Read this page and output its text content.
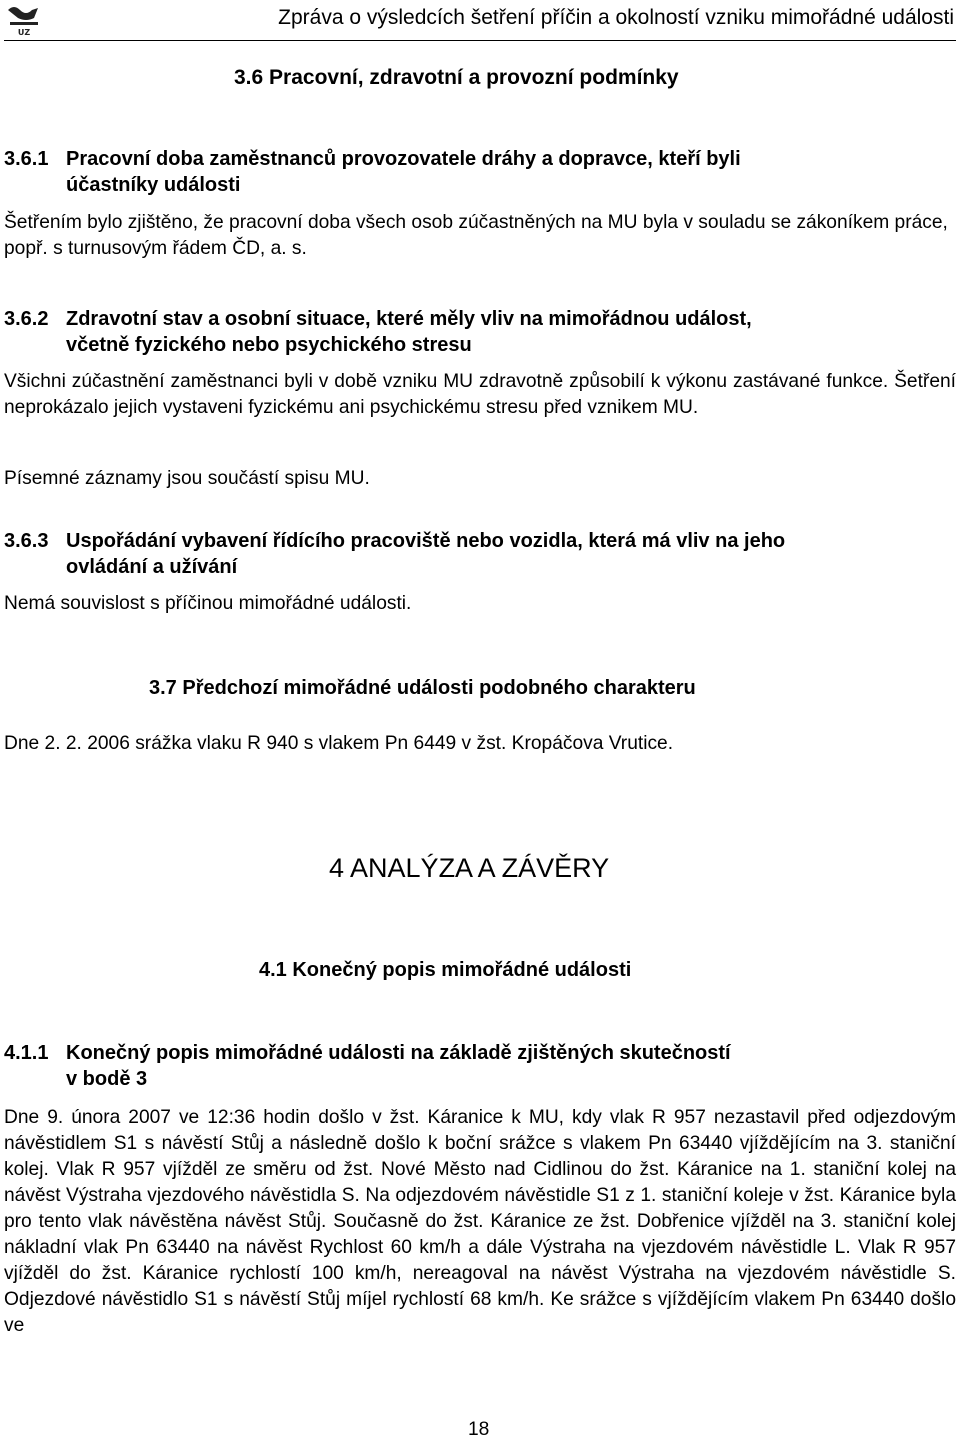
UZ
Zpráva o výsledcích šetření příčin a okolností vzniku mimořádné události
3.6 Pracovní, zdravotní a provozní podmínky
3.6.1 Pracovní doba zaměstnanců provozovatele dráhy a dopravce, kteří byli
účastníky události
Šetřením bylo zjištěno, že pracovní doba všech osob zúčastněných na MU byla v souladu se zákoníkem práce, popř. s turnusovým řádem ČD, a. s.
3.6.2 Zdravotní stav a osobní situace, které měly vliv na mimořádnou událost,
včetně fyzického nebo psychického stresu
Všichni zúčastnění zaměstnanci byli v době vzniku MU zdravotně způsobilí k výkonu zastávané funkce. Šetření neprokázalo jejich vystaveni fyzickému ani psychickému stresu před vznikem MU.
Písemné záznamy jsou součástí spisu MU.
3.6.3 Uspořádání vybavení řídícího pracoviště nebo vozidla, která má vliv na jeho
ovládání a užívání
Nemá souvislost s příčinou mimořádné události.
3.7 Předchozí mimořádné události podobného charakteru
Dne 2. 2. 2006 srážka vlaku R 940 s vlakem Pn 6449 v žst. Kropáčova Vrutice.
4 ANALÝZA A ZÁVĚRY
4.1 Konečný popis mimořádné události
4.1.1 Konečný popis mimořádné události na základě zjištěných skutečností
v bodě 3
Dne 9. února 2007 ve 12:36 hodin došlo v žst. Káranice k MU, kdy vlak R 957 nezastavil před odjezdovým návěstidlem S1 s návěstí Stůj a následně došlo k boční srážce s vlakem Pn 63440 vjíždějícím na 3. staniční kolej. Vlak R 957 vjížděl ze směru od žst. Nové Město nad Cidlinou do žst. Káranice na 1. staniční kolej na návěst Výstraha vjezdového návěstidla S. Na odjezdovém návěstidle S1 z 1. staniční koleje v žst. Káranice byla pro tento vlak návěstěna návěst Stůj. Současně do žst. Káranice ze žst. Dobřenice vjížděl na 3. staniční kolej nákladní vlak Pn 63440 na návěst Rychlost 60 km/h a dále Výstraha na vjezdovém návěstidle L. Vlak R 957 vjížděl do žst. Káranice rychlostí 100 km/h, nereagoval na návěst Výstraha na vjezdovém návěstidle S. Odjezdové návěstidlo S1 s návěstí Stůj míjel rychlostí 68 km/h. Ke srážce s vjíždějícím vlakem Pn 63440 došlo ve
18
